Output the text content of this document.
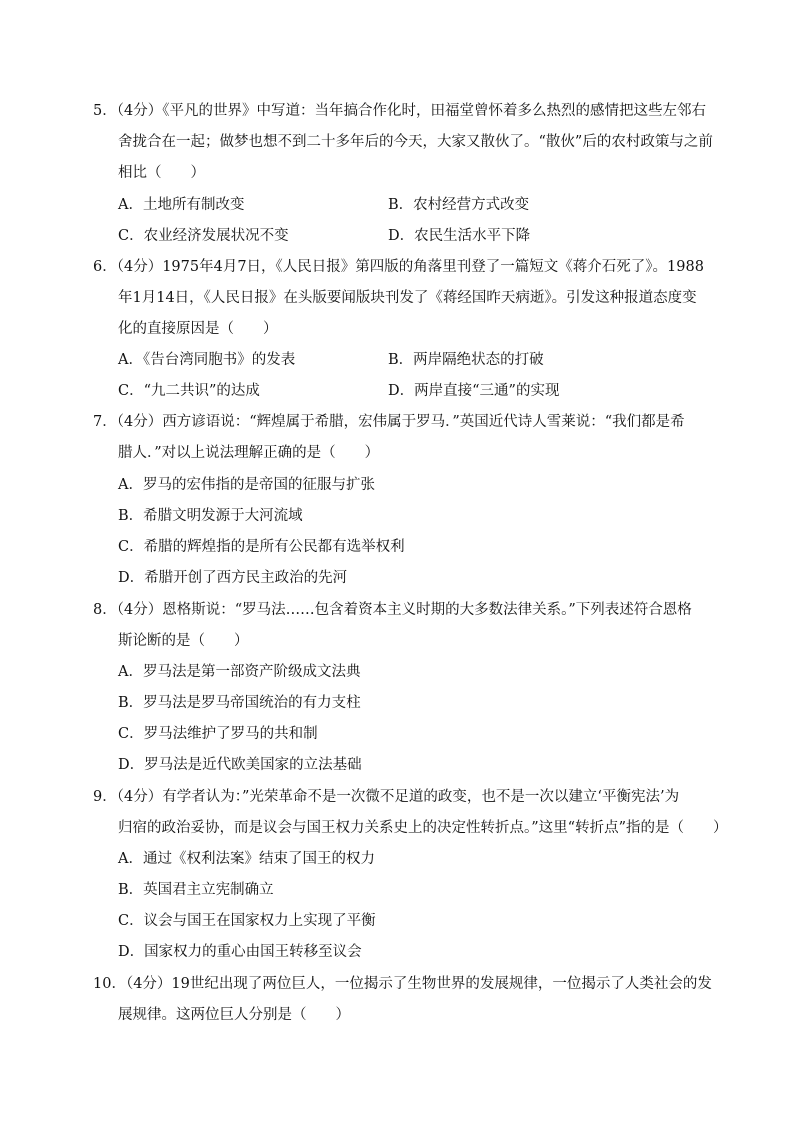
5．（4分）《平凡的世界》中写道：当年搞合作化时，田福堂曾怀着多么热烈的感情把这些左邻右
舍拢合在一起；做梦也想不到二十多年后的今天，大家又散伙了。“散伙”后的农村政策与之前
相比（　　）
A．土地所有制改变	B．农村经营方式改变
C．农业经济发展状况不变	D．农民生活水平下降
6．（4分）1975年4月7日，《人民日报》第四版的角落里刊登了一篇短文《蒋介石死了》。1988
年1月14日，《人民日报》在头版要闻版块刊发了《蒋经国昨天病逝》。引发这种报道态度变
化的直接原因是（　　）
A．《告台湾同胞书》的发表	B．两岸隔绝状态的打破
C．“九二共识”的达成	D．两岸直接“三通”的实现
7．（4分）西方谚语说：“辉煌属于希腊，宏伟属于罗马．”英国近代诗人雪莱说：“我们都是希
腊人．”对以上说法理解正确的是（　　）
A．罗马的宏伟指的是帝国的征服与扩张
B．希腊文明发源于大河流域
C．希腊的辉煌指的是所有公民都有选举权利
D．希腊开创了西方民主政治的先河
8．（4分）恩格斯说：“罗马法……包含着资本主义时期的大多数法律关系。”下列表述符合恩格
斯论断的是（　　）
A．罗马法是第一部资产阶级成文法典
B．罗马法是罗马帝国统治的有力支柱
C．罗马法维护了罗马的共和制
D．罗马法是近代欧美国家的立法基础
9．（4分）有学者认为：”光荣革命不是一次微不足道的政变，也不是一次以建立‘平衡宪法’为
归宿的政治妥协，而是议会与国王权力关系史上的决定性转折点。”这里“转折点”指的是（　　）
A．通过《权利法案》结束了国王的权力
B．英国君主立宪制确立
C．议会与国王在国家权力上实现了平衡
D．国家权力的重心由国王转移至议会
10．（4分）19世纪出现了两位巨人，一位揭示了生物世界的发展规律，一位揭示了人类社会的发
展规律。这两位巨人分别是（　　）
